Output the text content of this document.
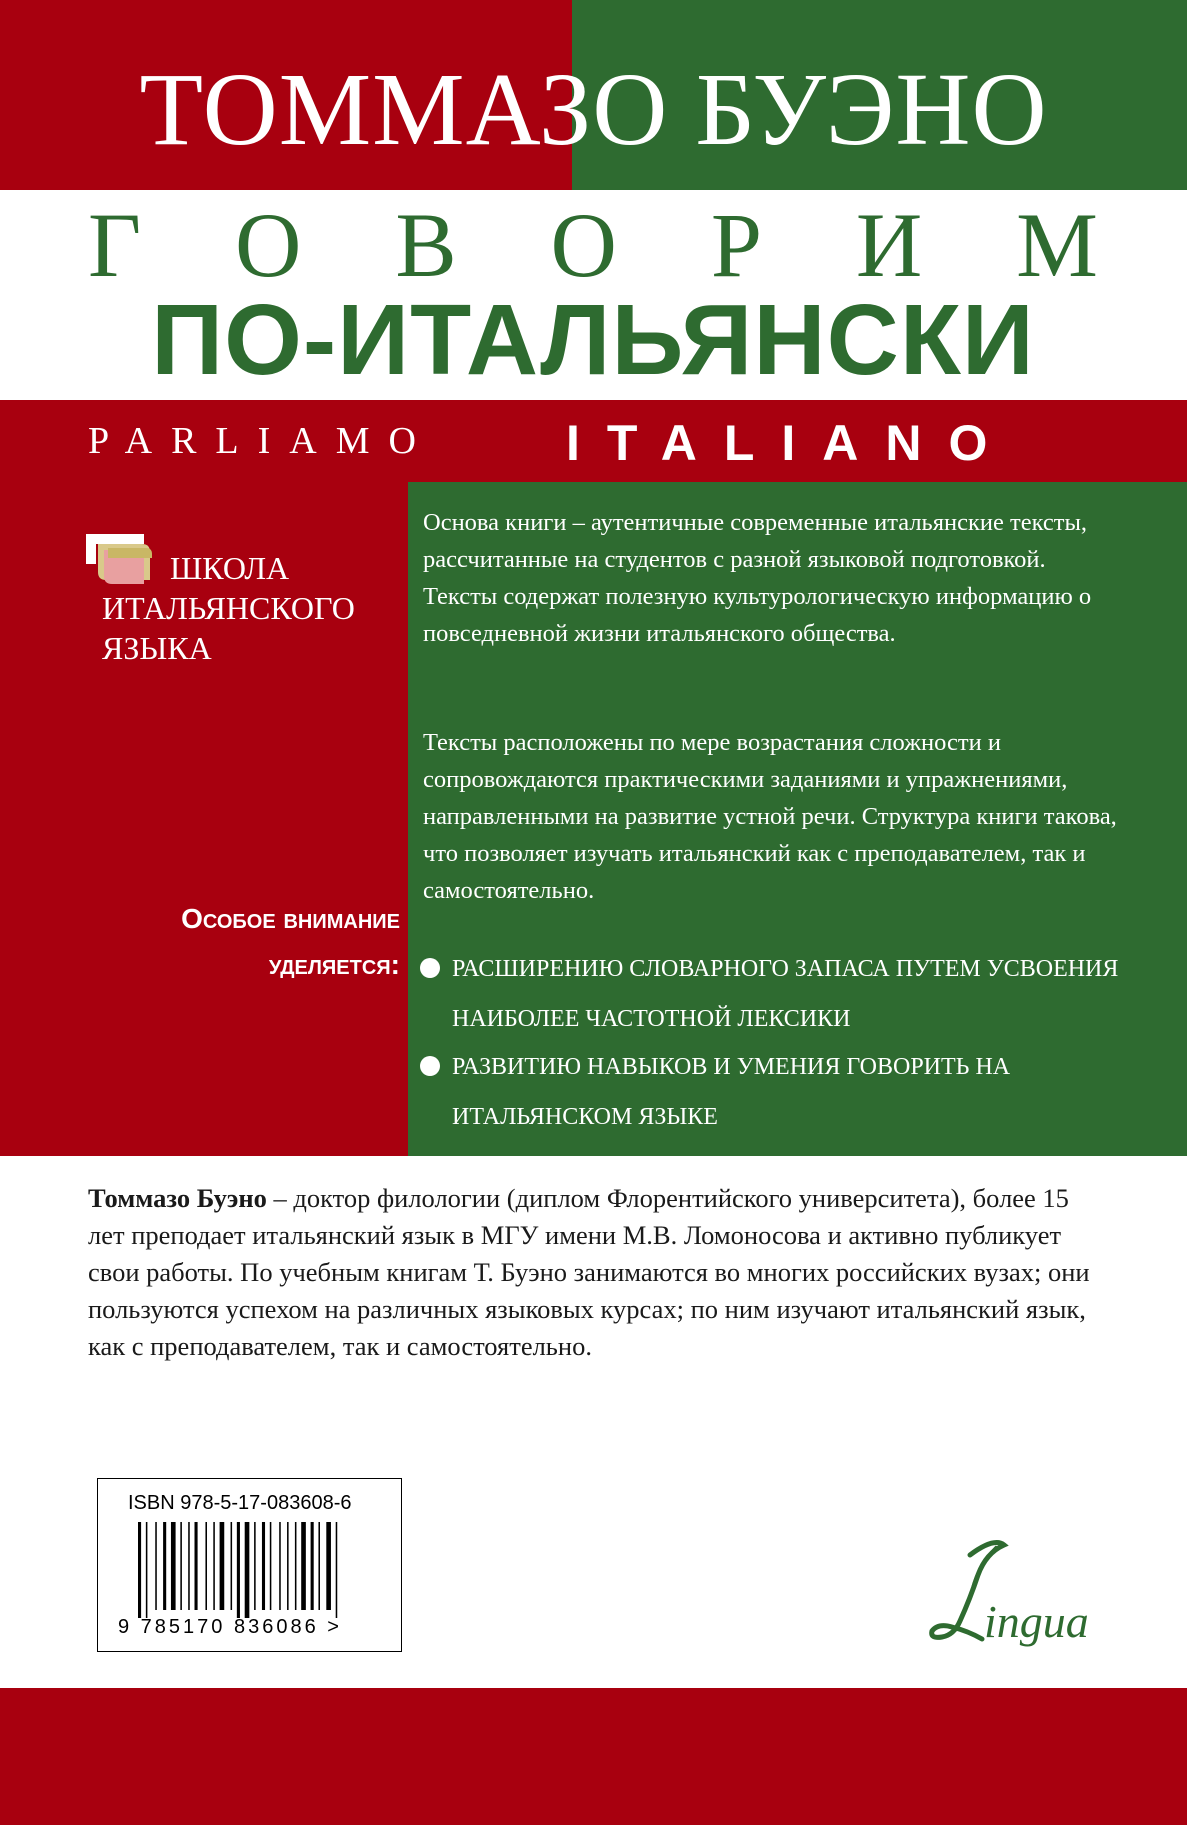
ТОММАЗО БУЭНО
Г О В О Р И М
ПО-ИТАЛЬЯНСКИ
PARLIAMO	ITALIANO
ШКОЛА
ИТАЛЬЯНСКОГО
ЯЗЫКА
Особое внимание
уделяется:
Основа книги – аутентичные современные итальянские тексты, рассчитанные на студентов с разной языковой подготовкой. Тексты содержат полезную культурологическую информацию о повседневной жизни итальянского общества.
Тексты расположены по мере возрастания сложности и сопровождаются практическими заданиями и упражнениями, направленными на развитие устной речи. Структура книги такова, что позволяет изучать итальянский как с преподавателем, так и самостоятельно.
РАСШИРЕНИЮ СЛОВАРНОГО ЗАПАСА ПУТЕМ УСВОЕНИЯ НАИБОЛЕЕ ЧАСТОТНОЙ ЛЕКСИКИ
РАЗВИТИЮ НАВЫКОВ И УМЕНИЯ ГОВОРИТЬ НА ИТАЛЬЯНСКОМ ЯЗЫКЕ
Томмазо Буэно – доктор филологии (диплом Флорентийского университета), более 15 лет преподает итальянский язык в МГУ имени М.В. Ломоносова и активно публикует свои работы. По учебным книгам Т. Буэно занимаются во многих российских вузах; они пользуются успехом на различных языковых курсах; по ним изучают итальянский язык, как с преподавателем, так и самостоятельно.
ISBN 978-5-17-083608-6
9 785170 836086 >	ingua
